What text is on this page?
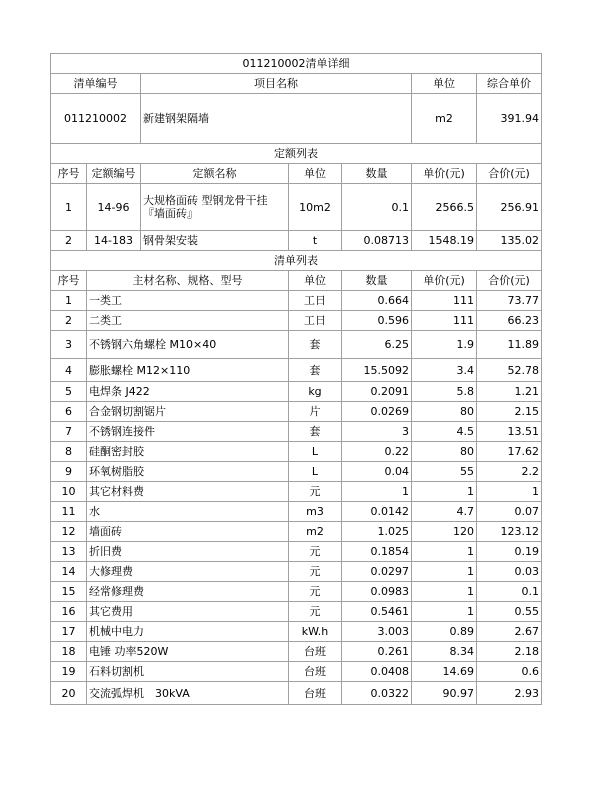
011210002清单详细						
清单编号		项目名称			单位	综合单价
011210002		新建钢架隔墙			m2	391.94
定额列表						
序号	定额编号	定额名称	单位	数量	单价(元)	合价(元)
1	14-96	大规格面砖 型钢龙骨干挂『墙面砖』	10m2	0.1	2566.5	256.91
2	14-183	钢骨架安装	t	0.08713	1548.19	135.02
清单列表						
序号	主材名称、规格、型号		单位	数量	单价(元)	合价(元)
1	一类工		工日	0.664	111	73.77
2	二类工		工日	0.596	111	66.23
3	不锈钢六角螺栓 M10×40		套	6.25	1.9	11.89
4	膨胀螺栓 M12×110		套	15.5092	3.4	52.78
5	电焊条 J422		kg	0.2091	5.8	1.21
6	合金钢切割锯片		片	0.0269	80	2.15
7	不锈钢连接件		套	3	4.5	13.51
8	硅酮密封胶		L	0.22	80	17.62
9	环氧树脂胶		L	0.04	55	2.2
10	其它材料费		元	1	1	1
11	水		m3	0.0142	4.7	0.07
12	墙面砖		m2	1.025	120	123.12
13	折旧费		元	0.1854	1	0.19
14	大修理费		元	0.0297	1	0.03
15	经常修理费		元	0.0983	1	0.1
16	其它费用		元	0.5461	1	0.55
17	机械中电力		kW.h	3.003	0.89	2.67
18	电锤 功率520W		台班	0.261	8.34	2.18
19	石料切割机		台班	0.0408	14.69	0.6
20	交流弧焊机　30kVA		台班	0.0322	90.97	2.93
